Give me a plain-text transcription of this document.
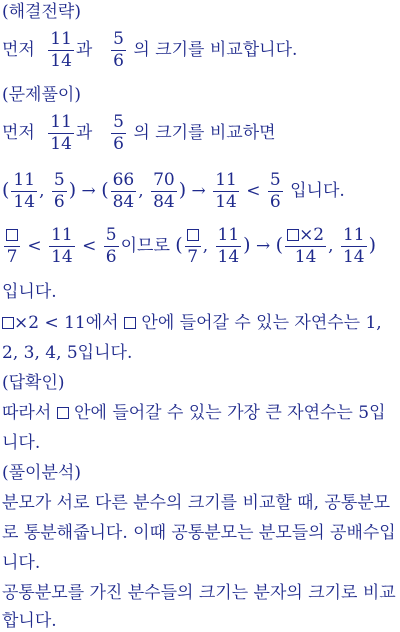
(해결전략)
먼저 $\frac{11}{14}$ 과 $\frac{5}{6}$ 의 크기를 비교합니다.
(문제풀이)
먼저 $\frac{11}{14}$ 과 $\frac{5}{6}$ 의 크기를 비교하면
( $\frac{11}{14}$ , $\frac{5}{6}$ ) → ( $\frac{66}{84}$ , $\frac{70}{84}$ ) → $\frac{11}{14} < \frac{5}{6}$ 입니다.
7
< $\frac{11}{14} < \frac{5}{6}$ 이므로 (
7
, $\frac{11}{14}$ ) → ( $\frac{\times 2}{14}$ , $\frac{11}{14}$ )
입니다.
×2 < 11에서 안에 들어갈 수 있는 자연수는 1,
2, 3, 4, 5입니다.
(답확인)
따라서 안에 들어갈 수 있는 가장 큰 자연수는 5입
니다.
(풀이분석)
분모가 서로 다른 분수의 크기를 비교할 때, 공통분모
로 통분해줍니다. 이때 공통분모는 분모들의 공배수입
니다.
공통분모를 가진 분수들의 크기는 분자의 크기로 비교
합니다.
